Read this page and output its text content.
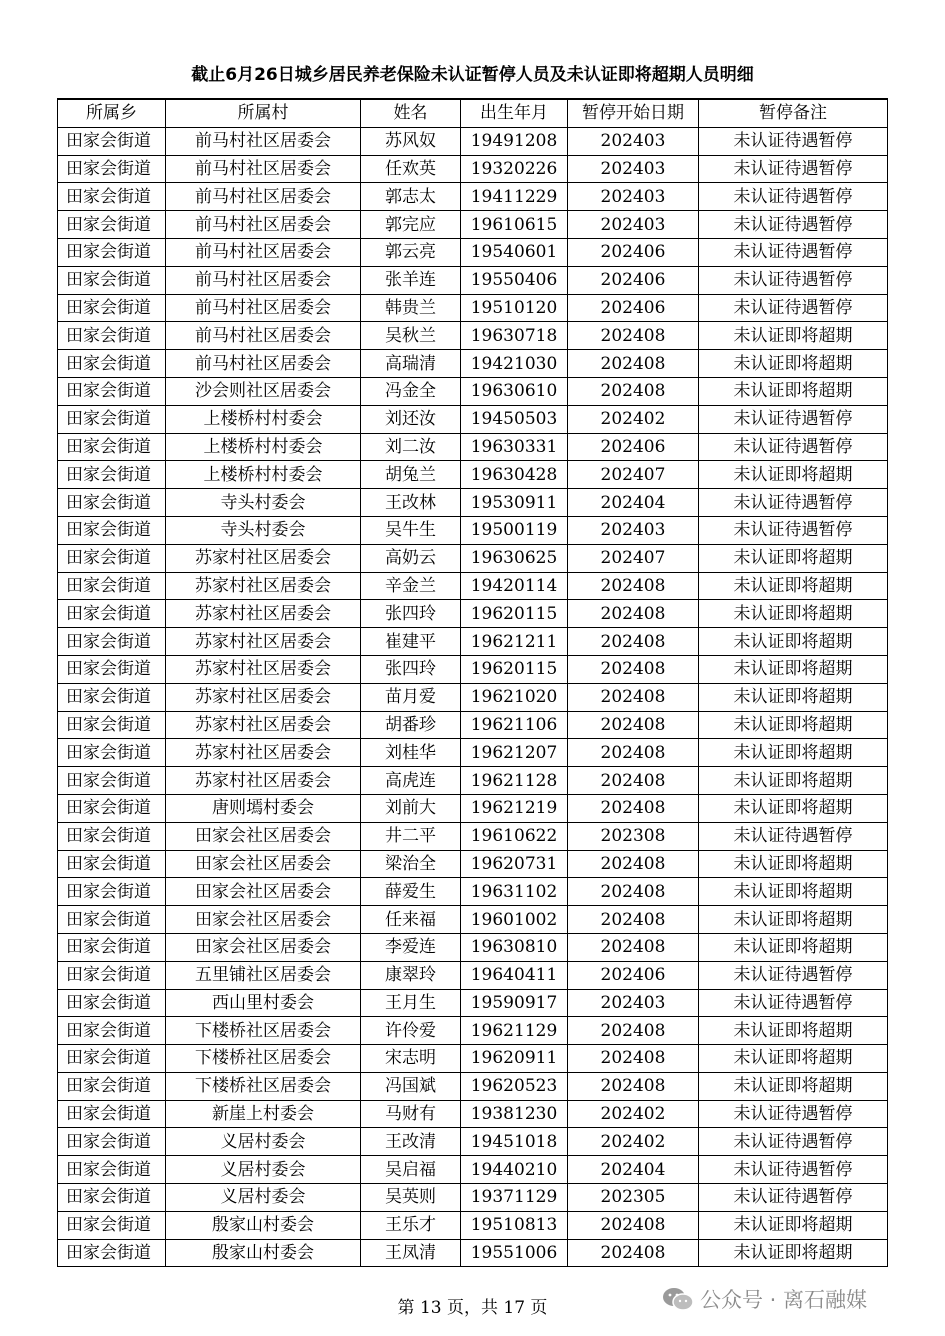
截止6月26日城乡居民养老保险未认证暂停人员及未认证即将超期人员明细
所属乡	所属村	姓名	出生年月	暂停开始日期	暂停备注
田家会街道	前马村社区居委会	苏风奴	19491208	202403	未认证待遇暂停
田家会街道	前马村社区居委会	任欢英	19320226	202403	未认证待遇暂停
田家会街道	前马村社区居委会	郭志太	19411229	202403	未认证待遇暂停
田家会街道	前马村社区居委会	郭完应	19610615	202403	未认证待遇暂停
田家会街道	前马村社区居委会	郭云亮	19540601	202406	未认证待遇暂停
田家会街道	前马村社区居委会	张羊连	19550406	202406	未认证待遇暂停
田家会街道	前马村社区居委会	韩贵兰	19510120	202406	未认证待遇暂停
田家会街道	前马村社区居委会	吴秋兰	19630718	202408	未认证即将超期
田家会街道	前马村社区居委会	高瑞清	19421030	202408	未认证即将超期
田家会街道	沙会则社区居委会	冯金全	19630610	202408	未认证即将超期
田家会街道	上楼桥村村委会	刘还汝	19450503	202402	未认证待遇暂停
田家会街道	上楼桥村村委会	刘二汝	19630331	202406	未认证待遇暂停
田家会街道	上楼桥村村委会	胡兔兰	19630428	202407	未认证即将超期
田家会街道	寺头村委会	王改林	19530911	202404	未认证待遇暂停
田家会街道	寺头村委会	吴牛生	19500119	202403	未认证待遇暂停
田家会街道	苏家村社区居委会	高奶云	19630625	202407	未认证即将超期
田家会街道	苏家村社区居委会	辛金兰	19420114	202408	未认证即将超期
田家会街道	苏家村社区居委会	张四玲	19620115	202408	未认证即将超期
田家会街道	苏家村社区居委会	崔建平	19621211	202408	未认证即将超期
田家会街道	苏家村社区居委会	张四玲	19620115	202408	未认证即将超期
田家会街道	苏家村社区居委会	苗月爱	19621020	202408	未认证即将超期
田家会街道	苏家村社区居委会	胡番珍	19621106	202408	未认证即将超期
田家会街道	苏家村社区居委会	刘桂华	19621207	202408	未认证即将超期
田家会街道	苏家村社区居委会	高虎连	19621128	202408	未认证即将超期
田家会街道	唐则墕村委会	刘前大	19621219	202408	未认证即将超期
田家会街道	田家会社区居委会	井二平	19610622	202308	未认证待遇暂停
田家会街道	田家会社区居委会	梁治全	19620731	202408	未认证即将超期
田家会街道	田家会社区居委会	薛爱生	19631102	202408	未认证即将超期
田家会街道	田家会社区居委会	任来福	19601002	202408	未认证即将超期
田家会街道	田家会社区居委会	李爱连	19630810	202408	未认证即将超期
田家会街道	五里铺社区居委会	康翠玲	19640411	202406	未认证待遇暂停
田家会街道	西山里村委会	王月生	19590917	202403	未认证待遇暂停
田家会街道	下楼桥社区居委会	许伶爱	19621129	202408	未认证即将超期
田家会街道	下楼桥社区居委会	宋志明	19620911	202408	未认证即将超期
田家会街道	下楼桥社区居委会	冯国斌	19620523	202408	未认证即将超期
田家会街道	新崖上村委会	马财有	19381230	202402	未认证待遇暂停
田家会街道	义居村委会	王改清	19451018	202402	未认证待遇暂停
田家会街道	义居村委会	吴启福	19440210	202404	未认证待遇暂停
田家会街道	义居村委会	吴英则	19371129	202305	未认证待遇暂停
田家会街道	殷家山村委会	王乐才	19510813	202408	未认证即将超期
田家会街道	殷家山村委会	王凤清	19551006	202408	未认证即将超期
第 13 页，共 17 页	公众号 · 离石融媒
